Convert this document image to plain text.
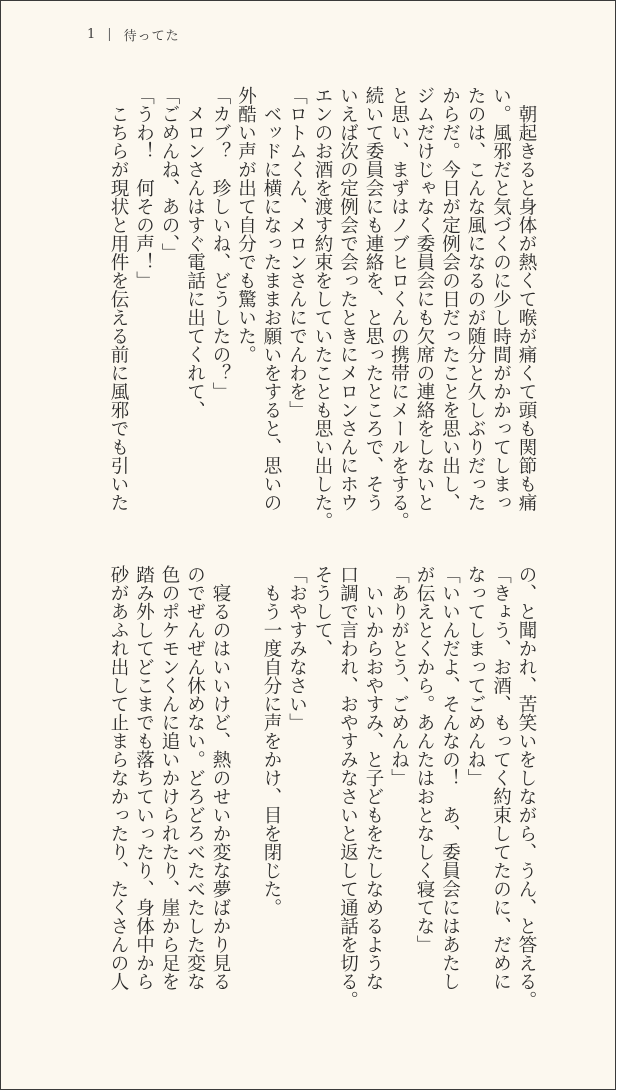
1 | 待ってた
　朝起きると身体が熱くて喉が痛くて頭も関節も痛
い。風邪だと気づくのに少し時間がかかってしまっ
たのは、こんな風になるのが随分と久しぶりだった
からだ。今日が定例会の日だったことを思い出し、
ジムだけじゃなく委員会にも欠席の連絡をしないと
と思い、まずはノブヒロくんの携帯にメールをする。
続いて委員会にも連絡を、と思ったところで、そう
いえば次の定例会で会ったときにメロンさんにホウ
エンのお酒を渡す約束をしていたことも思い出した。
「ロトムくん、メロンさんにでんわを」
　ベッドに横になったままお願いをすると、思いの
外酷い声が出て自分でも驚いた。
「カブ？　珍しいね、どうしたの？」
　メロンさんはすぐ電話に出てくれて、
「ごめんね、あの、」
「うわ！　何その声！」
　こちらが現状と用件を伝える前に風邪でも引いた
の、と聞かれ、苦笑いをしながら、うん、と答える。
「きょう、お酒、もってく約束してたのに、だめに
なってしまってごめんね」
「いいんだよ、そんなの！　あ、委員会にはあたし
が伝えとくから。あんたはおとなしく寝てな」
「ありがとう、ごめんね」
　いいからおやすみ、と子どもをたしなめるような
口調で言われ、おやすみなさいと返して通話を切る。
そうして、
「おやすみなさい」
　もう一度自分に声をかけ、目を閉じた。

　寝るのはいいけど、熱のせいか変な夢ばかり見る
のでぜんぜん休めない。どろどろべたべたした変な
色のポケモンくんに追いかけられたり、崖から足を
踏み外してどこまでも落ちていったり、身体中から
砂があふれ出して止まらなかったり、たくさんの人
